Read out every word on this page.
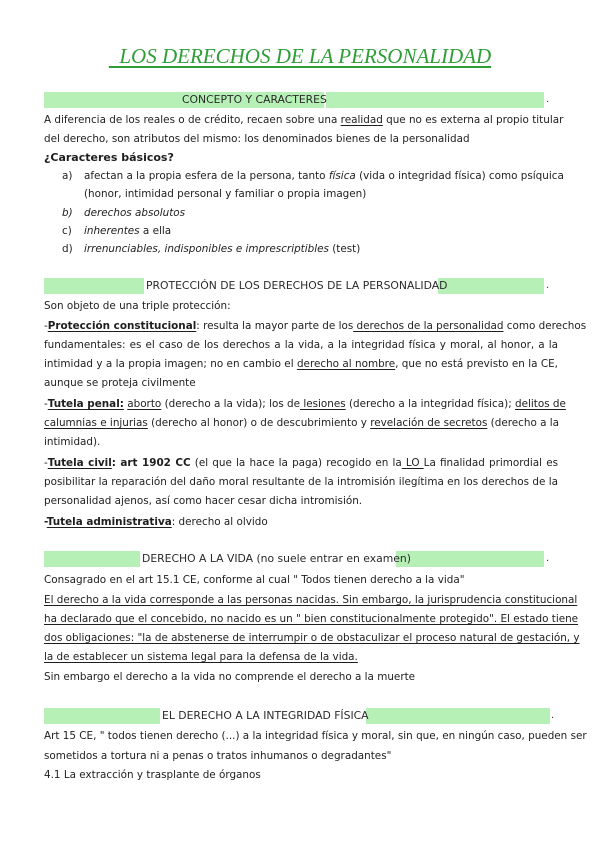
LOS DERECHOS DE LA PERSONALIDAD
CONCEPTO Y CARACTERES	.
A diferencia de los reales o de crédito, recaen sobre una realidad que no es externa al propio titular
del derecho, son atributos del mismo: los denominados bienes de la personalidad
¿Caracteres básicos?
a) afectan a la propia esfera de la persona, tanto física (vida o integridad física) como psíquica
(honor, intimidad personal y familiar o propia imagen)
b) derechos absolutos
c) inherentes a ella
d) irrenunciables, indisponibles e imprescriptibles (test)
PROTECCIÓN DE LOS DERECHOS DE LA PERSONALIDAD	.
Son objeto de una triple protección:
-Protección constitucional: resulta la mayor parte de los derechos de la personalidad como derechos
fundamentales: es el caso de los derechos a la vida, a la integridad física y moral, al honor, a la
intimidad y a la propia imagen; no en cambio el derecho al nombre, que no está previsto en la CE,
aunque se proteja civilmente
-Tutela penal: aborto (derecho a la vida); los de lesiones (derecho a la integridad física); delitos de
calumnias e injurias (derecho al honor) o de descubrimiento y revelación de secretos (derecho a la
intimidad).
-Tutela civil: art 1902 CC (el que la hace la paga) recogido en la LO La finalidad primordial es
posibilitar la reparación del daño moral resultante de la intromisión ilegítima en los derechos de la
personalidad ajenos, así como hacer cesar dicha intromisión.
-Tutela administrativa: derecho al olvido
DERECHO A LA VIDA (no suele entrar en examen)	.
Consagrado en el art 15.1 CE, conforme al cual " Todos tienen derecho a la vida"
El derecho a la vida corresponde a las personas nacidas. Sin embargo, la jurisprudencia constitucional
ha declarado que el concebido, no nacido es un " bien constitucionalmente protegido". El estado tiene
dos obligaciones: "la de abstenerse de interrumpir o de obstaculizar el proceso natural de gestación, y
la de establecer un sistema legal para la defensa de la vida.
Sin embargo el derecho a la vida no comprende el derecho a la muerte
EL DERECHO A LA INTEGRIDAD FÍSICA	.
Art 15 CE, " todos tienen derecho (...) a la integridad física y moral, sin que, en ningún caso, pueden ser
sometidos a tortura ni a penas o tratos inhumanos o degradantes"
4.1 La extracción y trasplante de órganos
